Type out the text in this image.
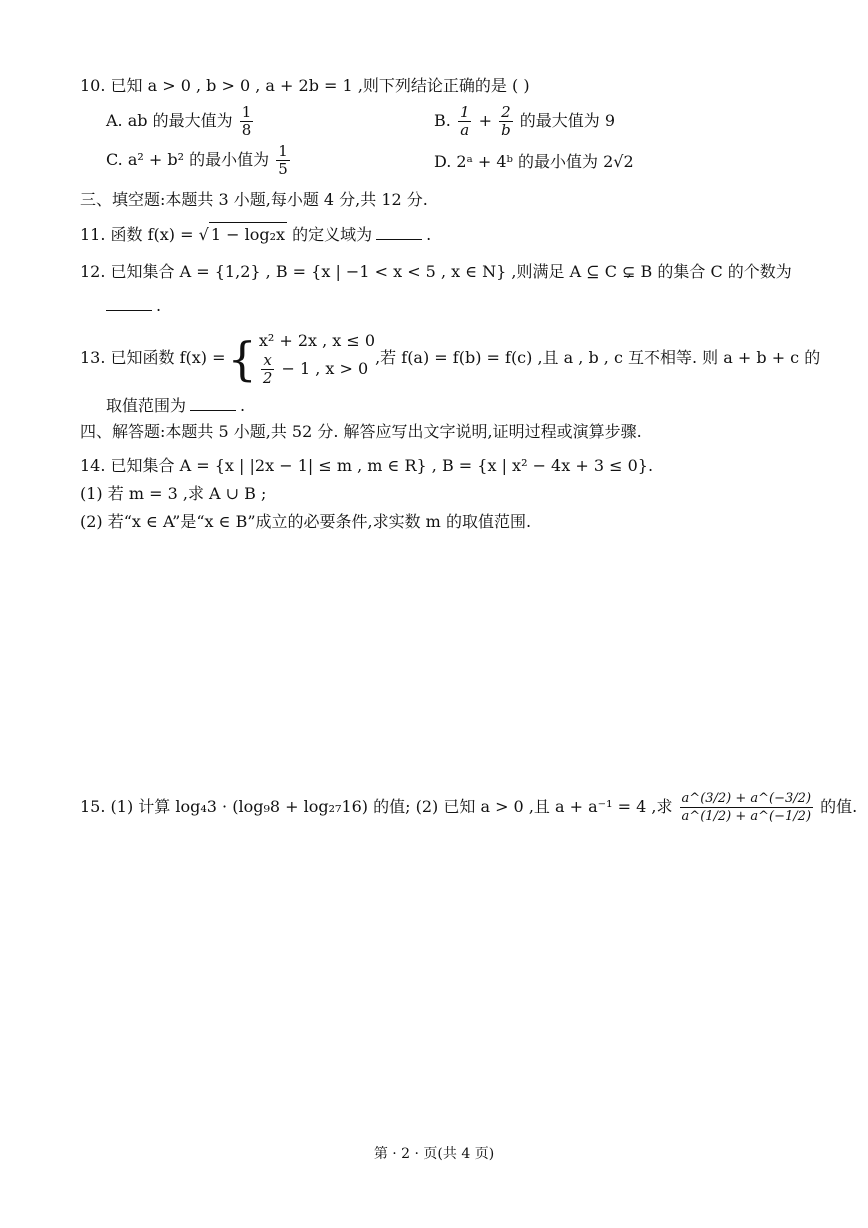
10. 已知 a > 0 , b > 0 , a + 2b = 1 ,则下列结论正确的是 ( )
A. ab 的最大值为 $\frac{1}{8}$	B. $\frac{1}{a} + \frac{2}{b}$ 的最大值为 9
C. a² + b² 的最小值为 $\frac{1}{5}$	D. 2ᵃ + 4ᵇ 的最小值为 2√2
三、填空题:本题共 3 小题,每小题 4 分,共 12 分.
11. 函数 f(x) = √ 1 − log₂x 的定义域为	.
12. 已知集合 A = {1,2} , B = {x | −1 < x < 5 , x ∈ N} ,则满足 A ⊆ C ⊊ B 的集合 C 的个数为
.
13. 已知函数 f(x) ={ x² + 2x , x ≤ 0
$\frac{x}{2} - 1$ , x > 0
,若 f(a) = f(b) = f(c) ,且 a , b , c 互不相等. 则 a + b + c 的
取值范围为	.
四、解答题:本题共 5 小题,共 52 分. 解答应写出文字说明,证明过程或演算步骤.
14. 已知集合 A = {x | |2x − 1| ≤ m , m ∈ R} , B = {x | x² − 4x + 3 ≤ 0}.
(1) 若 m = 3 ,求 A ∪ B ;
(2) 若“x ∈ A”是“x ∈ B”成立的必要条件,求实数 m 的取值范围.
15. (1) 计算 log₄3 · (log₉8 + log₂₇16) 的值; (2) 已知 a > 0 ,且 a + a⁻¹ = 4 ,求 $\frac{a\^{}(3/2) + a\^{}(-3/2)}{a\^{}(1/2) + a\^{}(-1/2)}$ 的值.
第 · 2 · 页(共 4 页)
